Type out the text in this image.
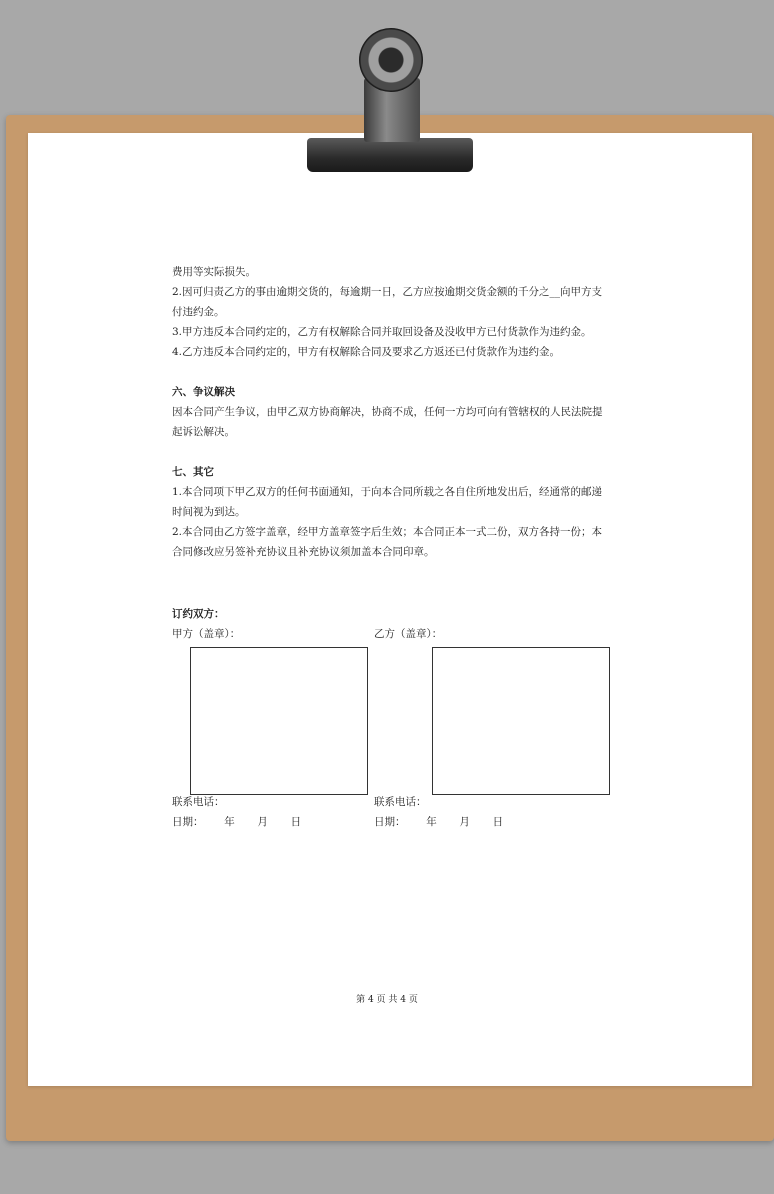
费用等实际损失。

2.因可归责乙方的事由逾期交货的，每逾期一日，乙方应按逾期交货金额的千分之__向甲方支付违约金。

3.甲方违反本合同约定的，乙方有权解除合同并取回设备及没收甲方已付货款作为违约金。

4.乙方违反本合同约定的，甲方有权解除合同及要求乙方返还已付货款作为违约金。

六、争议解决

因本合同产生争议，由甲乙双方协商解决，协商不成，任何一方均可向有管辖权的人民法院提起诉讼解决。

七、其它

1.本合同项下甲乙双方的任何书面通知，于向本合同所载之各自住所地发出后，经通常的邮递时间视为到达。

2.本合同由乙方签字盖章，经甲方盖章签字后生效；本合同正本一式二份，双方各持一份；本合同修改应另签补充协议且补充协议须加盖本合同印章。

订约双方：
甲方（盖章）：	乙方（盖章）：
联系电话：	联系电话：
日期： 年 月 日	日期： 年 月 日
第 4 页 共 4 页
